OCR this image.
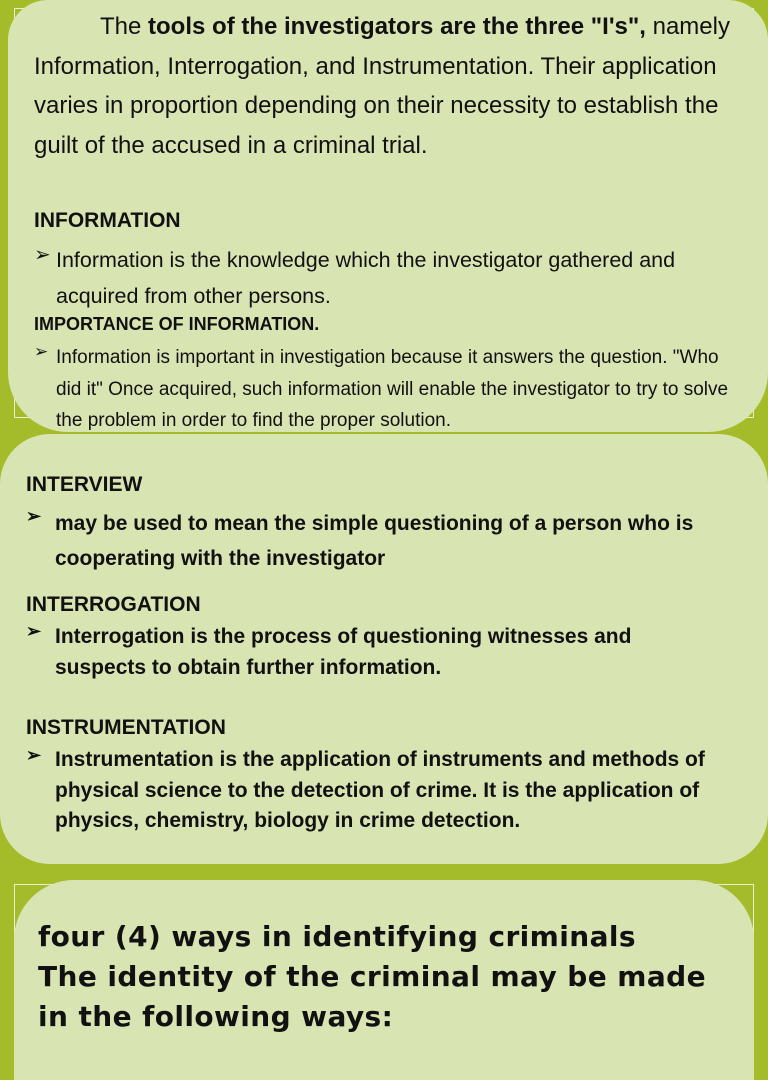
The tools of the investigators are the three "I's", namely Information, Interrogation, and Instrumentation. Their application varies in proportion depending on their necessity to establish the guilt of the accused in a criminal trial.
INFORMATION
➢ Information is the knowledge which the investigator gathered and acquired from other persons.
IMPORTANCE OF INFORMATION.
➢ Information is important in investigation because it answers the question. "Who did it" Once acquired, such information will enable the investigator to try to solve the problem in order to find the proper solution.
INTERVIEW
➢ may be used to mean the simple questioning of a person who is cooperating with the investigator
INTERROGATION
➢ Interrogation is the process of questioning witnesses and suspects to obtain further information.
INSTRUMENTATION
➢ Instrumentation is the application of instruments and methods of physical science to the detection of crime. It is the application of physics, chemistry, biology in crime detection.
four (4) ways in identifying criminals
The identity of the criminal may be made
in the following ways:
